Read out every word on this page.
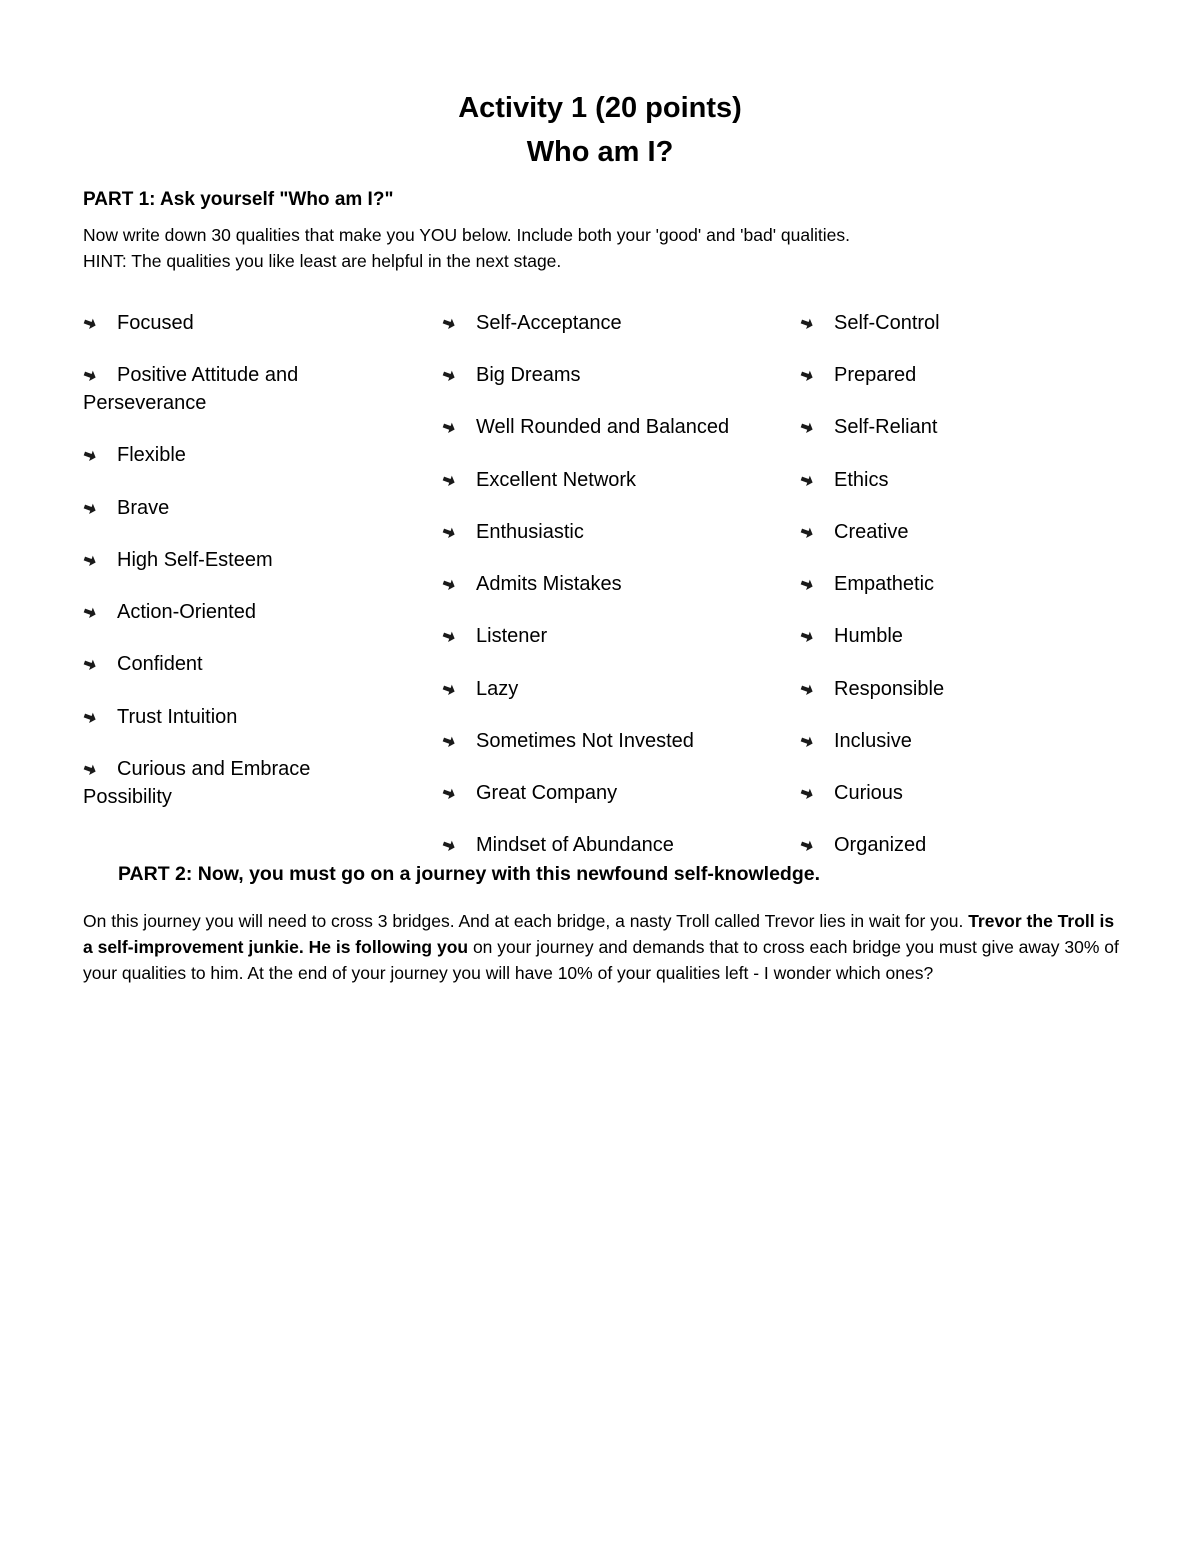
Activity 1 (20 points)
Who am I?
PART 1: Ask yourself "Who am I?"
Now write down 30 qualities that make you YOU below. Include both your 'good' and 'bad' qualities.
HINT: The qualities you like least are helpful in the next stage.
Focused
Positive Attitude and Perseverance
Flexible
Brave
High Self-Esteem
Action-Oriented
Confident
Trust Intuition
Curious and Embrace Possibility
Self-Acceptance
Big Dreams
Well Rounded and Balanced
Excellent Network
Enthusiastic
Admits Mistakes
Listener
Lazy
Sometimes Not Invested
Great Company
Mindset of Abundance
Self-Control
Prepared
Self-Reliant
Ethics
Creative
Empathetic
Humble
Responsible
Inclusive
Curious
Organized
PART 2: Now, you must go on a journey with this newfound self-knowledge.
On this journey you will need to cross 3 bridges. And at each bridge, a nasty Troll called Trevor lies in wait for you. Trevor the Troll is a self-improvement junkie. He is following you on your journey and demands that to cross each bridge you must give away 30% of your qualities to him. At the end of your journey you will have 10% of your qualities left - I wonder which ones?
